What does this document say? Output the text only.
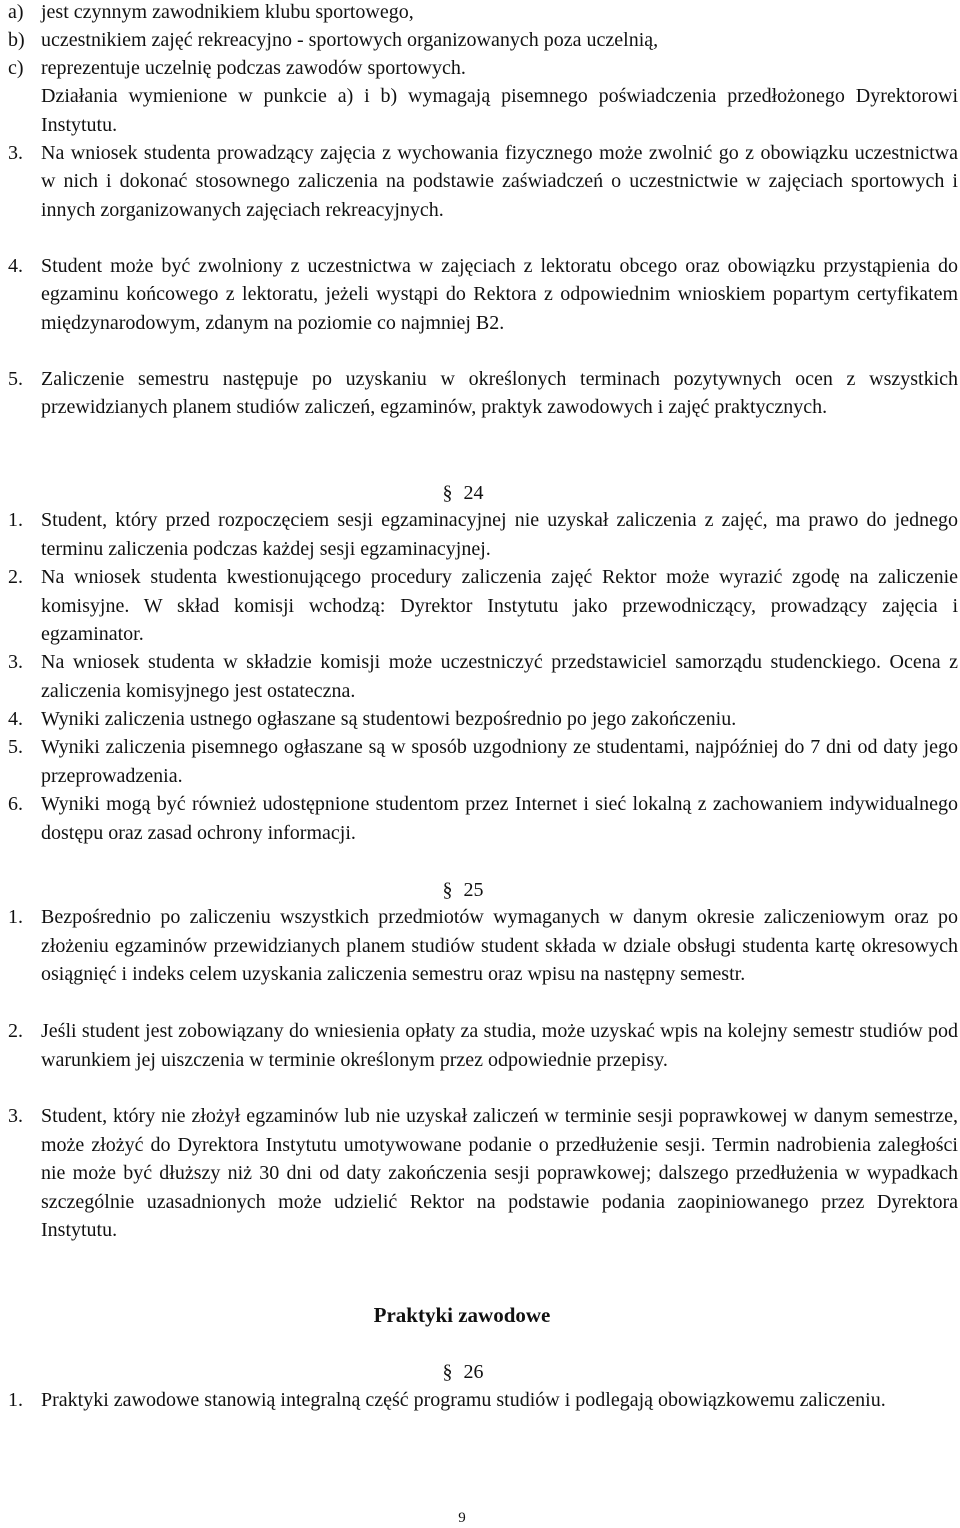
a) jest czynnym zawodnikiem klubu sportowego,
b) uczestnikiem zajęć rekreacyjno - sportowych organizowanych poza uczelnią,
c) reprezentuje uczelnię podczas zawodów sportowych.
Działania wymienione w punkcie a) i b) wymagają pisemnego poświadczenia przedłożonego Dyrektorowi Instytutu.
3. Na wniosek studenta prowadzący zajęcia z wychowania fizycznego może zwolnić go z obowiązku uczestnictwa w nich i dokonać stosownego zaliczenia na podstawie zaświadczeń o uczestnictwie w zajęciach sportowych i innych zorganizowanych zajęciach rekreacyjnych.
4. Student może być zwolniony z uczestnictwa w zajęciach z lektoratu obcego oraz obowiązku przystąpienia do egzaminu końcowego z lektoratu, jeżeli wystąpi do Rektora z odpowiednim wnioskiem popartym certyfikatem międzynarodowym, zdanym na poziomie co najmniej B2.
5. Zaliczenie semestru następuje po uzyskaniu w określonych terminach pozytywnych ocen z wszystkich przewidzianych planem studiów zaliczeń, egzaminów, praktyk zawodowych i zajęć praktycznych.
§ 24
1. Student, który przed rozpoczęciem sesji egzaminacyjnej nie uzyskał zaliczenia z zajęć, ma prawo do jednego terminu zaliczenia podczas każdej sesji egzaminacyjnej.
2. Na wniosek studenta kwestionującego procedury zaliczenia zajęć Rektor może wyrazić zgodę na zaliczenie komisyjne. W skład komisji wchodzą: Dyrektor Instytutu jako przewodniczący, prowadzący zajęcia i egzaminator.
3. Na wniosek studenta w składzie komisji może uczestniczyć przedstawiciel samorządu studenckiego. Ocena z zaliczenia komisyjnego jest ostateczna.
4. Wyniki zaliczenia ustnego ogłaszane są studentowi bezpośrednio po jego zakończeniu.
5. Wyniki zaliczenia pisemnego ogłaszane są w sposób uzgodniony ze studentami, najpóźniej do 7 dni od daty jego przeprowadzenia.
6. Wyniki mogą być również udostępnione studentom przez Internet i sieć lokalną z zachowaniem indywidualnego dostępu oraz zasad ochrony informacji.
§ 25
1. Bezpośrednio po zaliczeniu wszystkich przedmiotów wymaganych w danym okresie zaliczeniowym oraz po złożeniu egzaminów przewidzianych planem studiów student składa w dziale obsługi studenta kartę okresowych osiągnięć i indeks celem uzyskania zaliczenia semestru oraz wpisu na następny semestr.
2. Jeśli student jest zobowiązany do wniesienia opłaty za studia, może uzyskać wpis na kolejny semestr studiów pod warunkiem jej uiszczenia w terminie określonym przez odpowiednie przepisy.
3. Student, który nie złożył egzaminów lub nie uzyskał zaliczeń w terminie sesji poprawkowej w danym semestrze, może złożyć do Dyrektora Instytutu umotywowane podanie o przedłużenie sesji. Termin nadrobienia zaległości nie może być dłuższy niż 30 dni od daty zakończenia sesji poprawkowej; dalszego przedłużenia w wypadkach szczególnie uzasadnionych może udzielić Rektor na podstawie podania zaopiniowanego przez Dyrektora Instytutu.
Praktyki zawodowe
§ 26
1. Praktyki zawodowe stanowią integralną część programu studiów i podlegają obowiązkowemu zaliczeniu.
9
